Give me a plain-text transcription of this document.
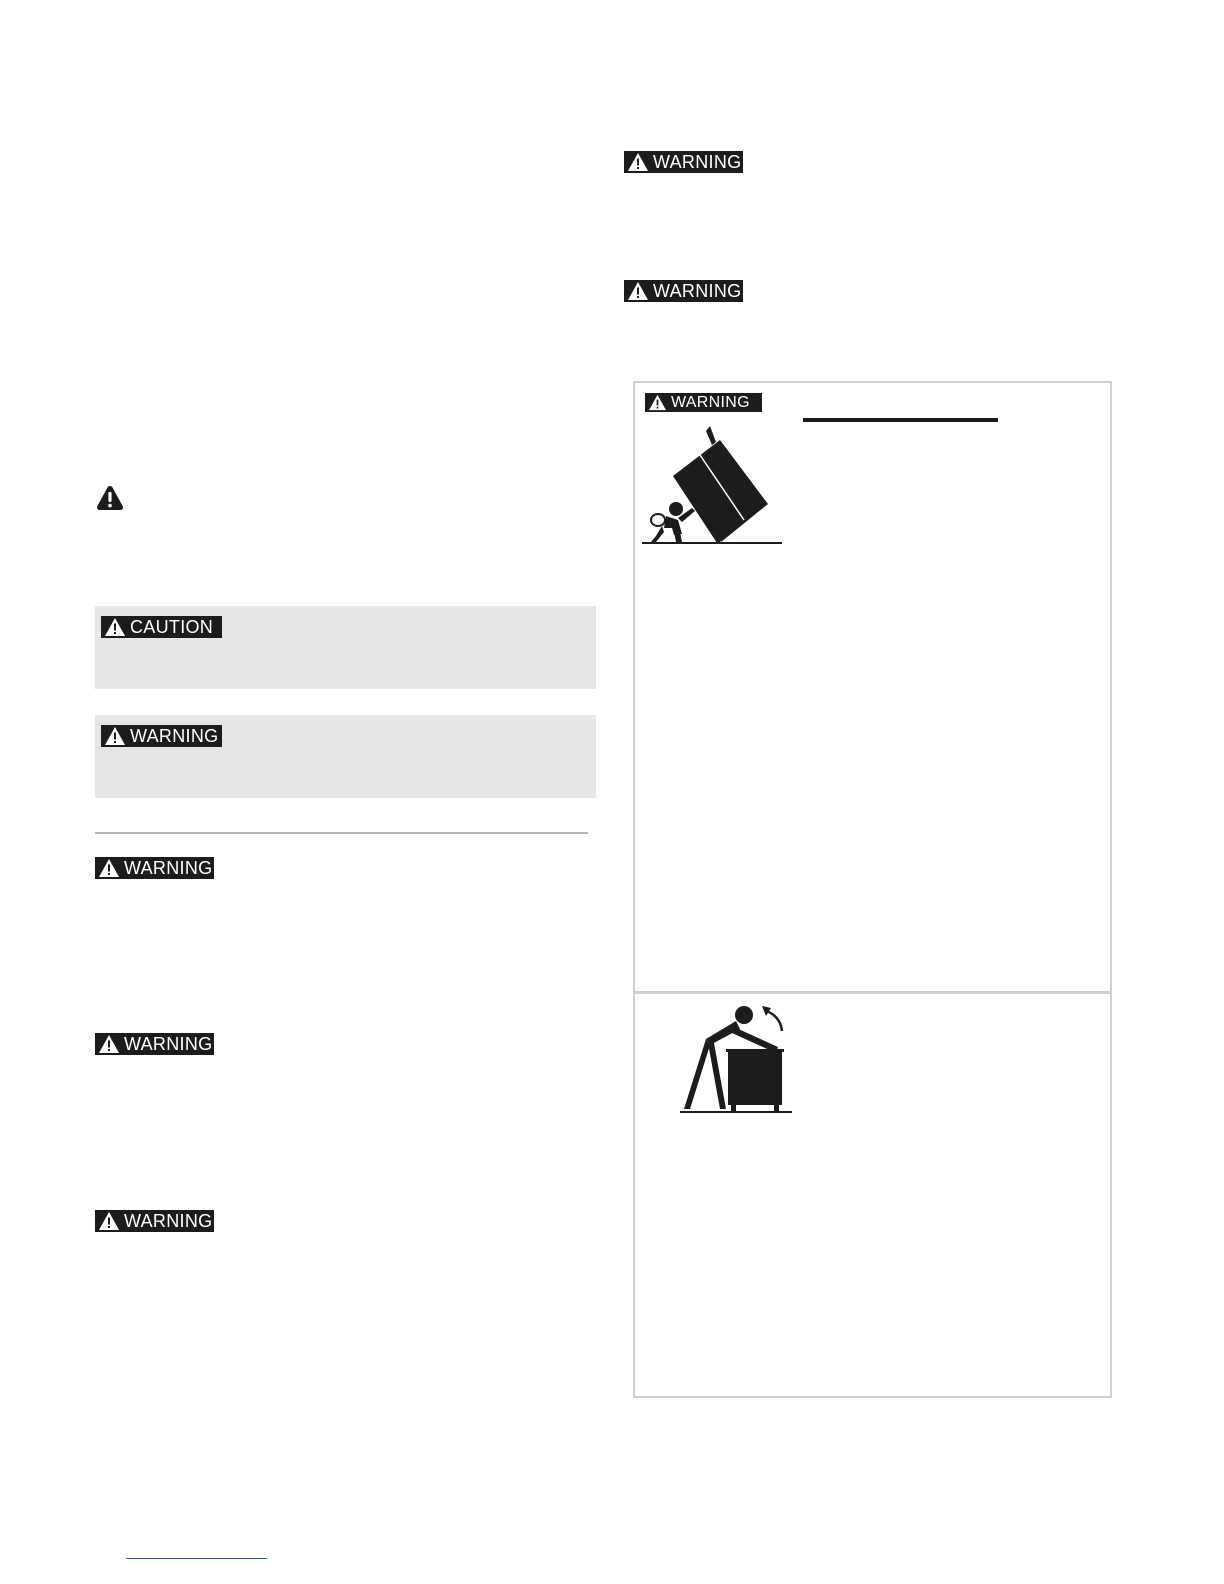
CAUTION
WARNING
WARNING
WARNING
WARNING
WARNING
WARNING
WARNING
